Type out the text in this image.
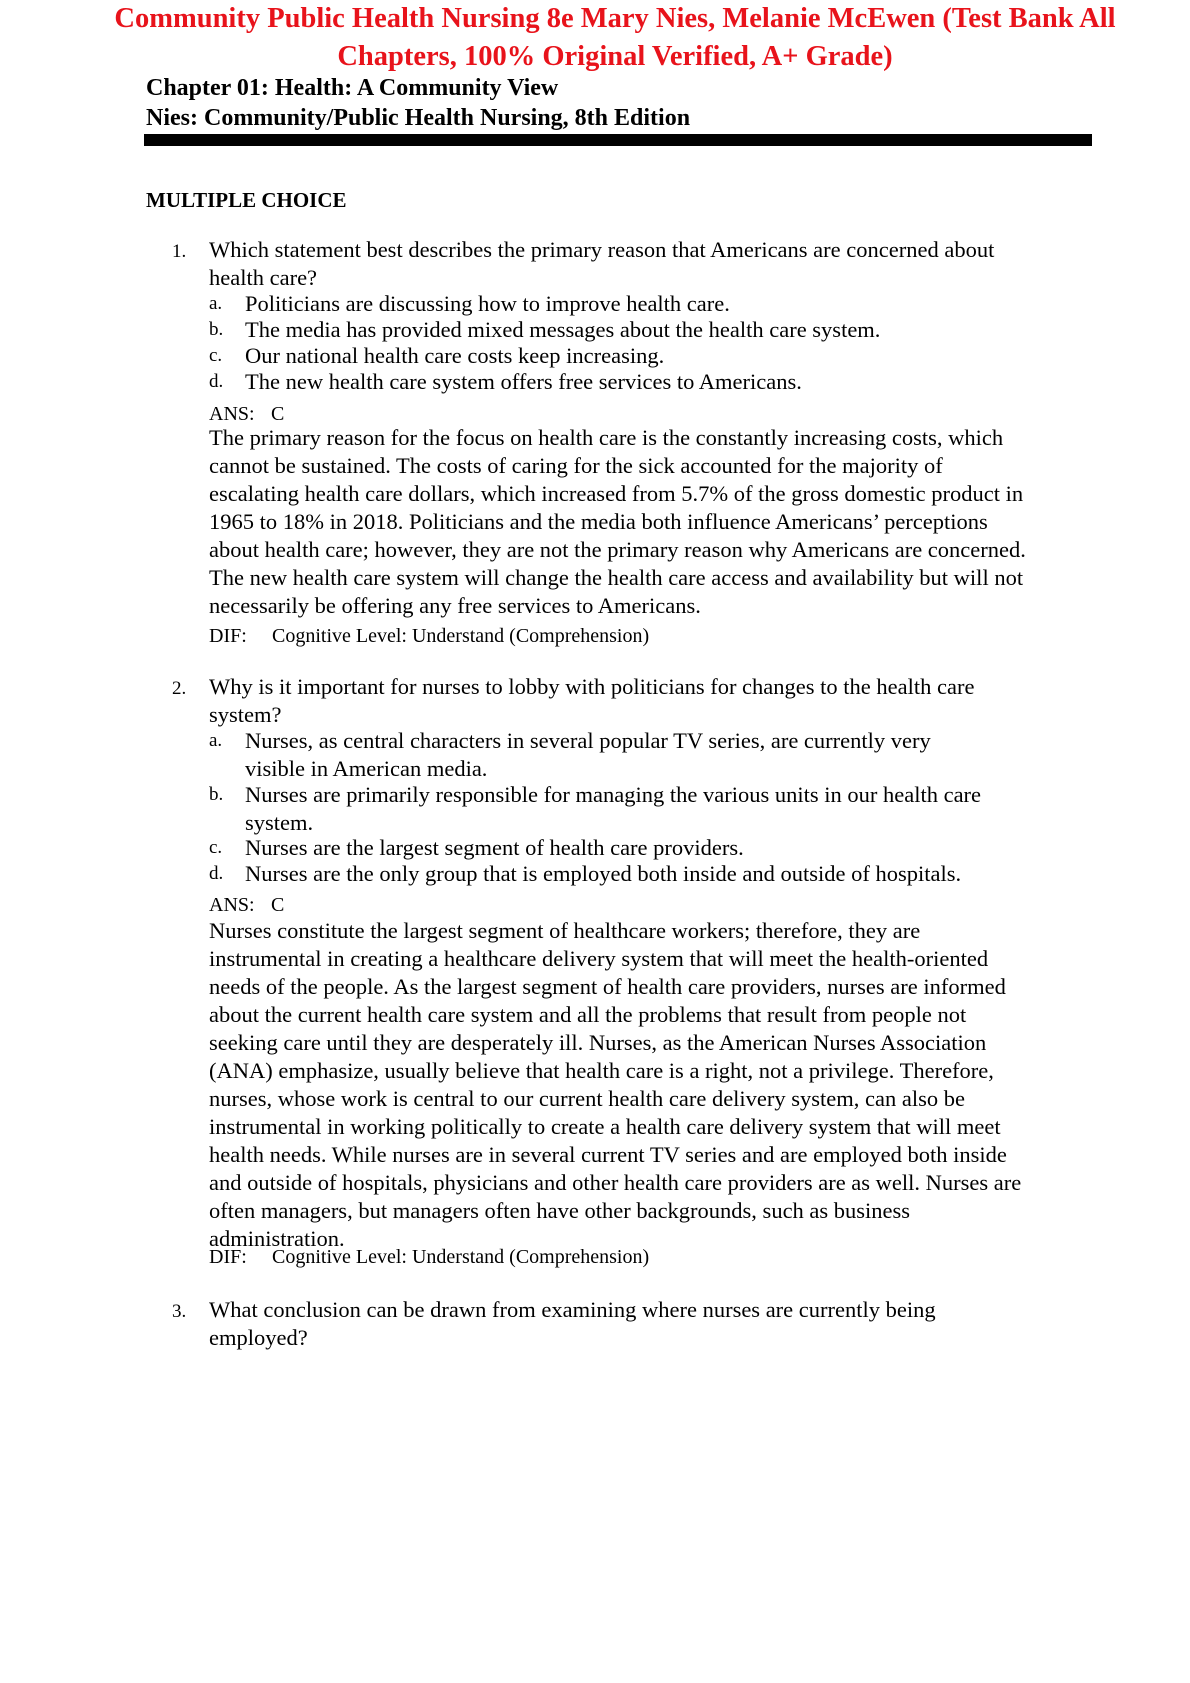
Community Public Health Nursing 8e Mary Nies, Melanie McEwen (Test Bank All
Chapters, 100% Original Verified, A+ Grade)
Chapter 01: Health: A Community View
Nies: Community/Public Health Nursing, 8th Edition
MULTIPLE CHOICE
1.	Which statement best describes the primary reason that Americans are concerned about
health care?
a. Politicians are discussing how to improve health care.
b. The media has provided mixed messages about the health care system.
c. Our national health care costs keep increasing.
d. The new health care system offers free services to Americans.
ANS: C
The primary reason for the focus on health care is the constantly increasing costs, which
cannot be sustained. The costs of caring for the sick accounted for the majority of
escalating health care dollars, which increased from 5.7% of the gross domestic product in
1965 to 18% in 2018. Politicians and the media both influence Americans’ perceptions
about health care; however, they are not the primary reason why Americans are concerned.
The new health care system will change the health care access and availability but will not
necessarily be offering any free services to Americans.
DIF: Cognitive Level: Understand (Comprehension)
2.	Why is it important for nurses to lobby with politicians for changes to the health care
system?
a. Nurses, as central characters in several popular TV series, are currently very
visible in American media.
b. Nurses are primarily responsible for managing the various units in our health care
system.
c. Nurses are the largest segment of health care providers.
d. Nurses are the only group that is employed both inside and outside of hospitals.
ANS: C
Nurses constitute the largest segment of healthcare workers; therefore, they are
instrumental in creating a healthcare delivery system that will meet the health-oriented
needs of the people. As the largest segment of health care providers, nurses are informed
about the current health care system and all the problems that result from people not
seeking care until they are desperately ill. Nurses, as the American Nurses Association
(ANA) emphasize, usually believe that health care is a right, not a privilege. Therefore,
nurses, whose work is central to our current health care delivery system, can also be
instrumental in working politically to create a health care delivery system that will meet
health needs. While nurses are in several current TV series and are employed both inside
and outside of hospitals, physicians and other health care providers are as well. Nurses are
often managers, but managers often have other backgrounds, such as business
administration.
DIF: Cognitive Level: Understand (Comprehension)
3.	What conclusion can be drawn from examining where nurses are currently being
employed?
